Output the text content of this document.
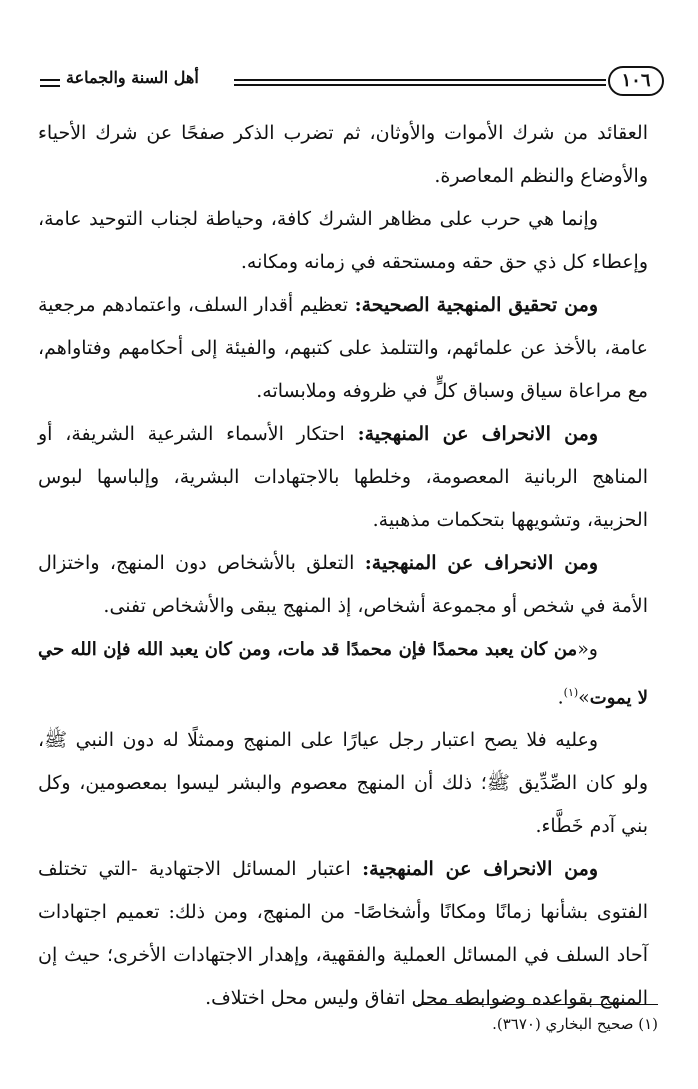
أهل السنة والجماعة	١٠٦

العقائد من شرك الأموات والأوثان، ثم تضرب الذكر صفحًا عن شرك الأحياء والأوضاع والنظم المعاصرة.

وإنما هي حرب على مظاهر الشرك كافة، وحياطة لجناب التوحيد عامة، وإعطاء كل ذي حق حقه ومستحقه في زمانه ومكانه.

ومن تحقيق المنهجية الصحيحة: تعظيم أقدار السلف، واعتمادهم مرجعية عامة، بالأخذ عن علمائهم، والتتلمذ على كتبهم، والفيئة إلى أحكامهم وفتاواهم، مع مراعاة سياق وسباق كلٍّ في ظروفه وملابساته.

ومن الانحراف عن المنهجية: احتكار الأسماء الشرعية الشريفة، أو المناهج الربانية المعصومة، وخلطها بالاجتهادات البشرية، وإلباسها لبوس الحزبية، وتشويهها بتحكمات مذهبية.

ومن الانحراف عن المنهجية: التعلق بالأشخاص دون المنهج، واختزال الأمة في شخص أو مجموعة أشخاص، إذ المنهج يبقى والأشخاص تفنى.

و«من كان يعبد محمدًا فإن محمدًا قد مات، ومن كان يعبد الله فإن الله حي لا يموت»$^{(١)}$.

وعليه فلا يصح اعتبار رجل عيارًا على المنهج وممثلًا له دون النبي ﷺ، ولو كان الصِّدِّيق ﷺ؛ ذلك أن المنهج معصوم والبشر ليسوا بمعصومين، وكل بني آدم خَطَّاء.

ومن الانحراف عن المنهجية: اعتبار المسائل الاجتهادية -التي تختلف الفتوى بشأنها زمانًا ومكانًا وأشخاصًا- من المنهج، ومن ذلك: تعميم اجتهادات آحاد السلف في المسائل العملية والفقهية، وإهدار الاجتهادات الأخرى؛ حيث إن المنهج بقواعده وضوابطه محل اتفاق وليس محل اختلاف.

(١) صحيح البخاري (٣٦٧٠).
